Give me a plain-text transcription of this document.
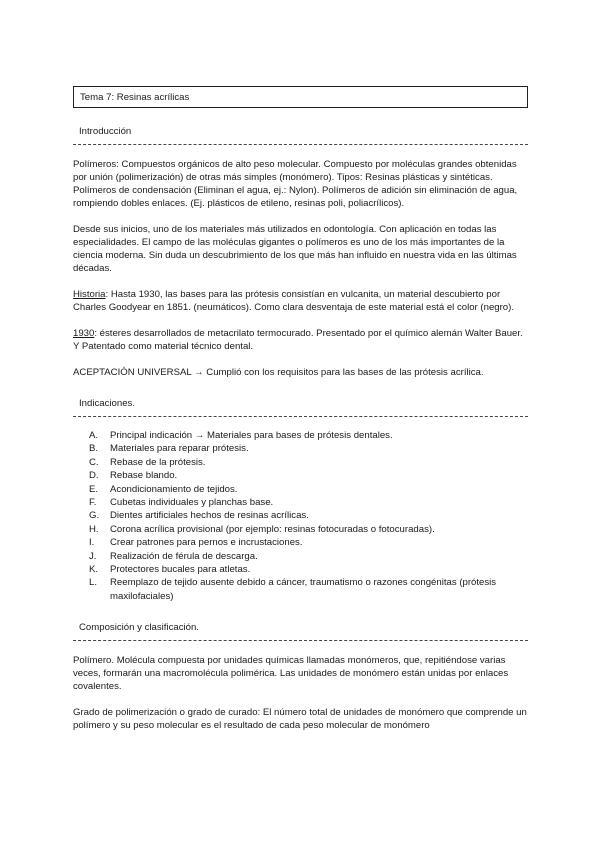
Tema 7: Resinas acrílicas
Introducción

Polímeros: Compuestos orgánicos de alto peso molecular. Compuesto por moléculas grandes obtenidas por unión (polimerización) de otras más simples (monómero). Tipos: Resinas plásticas y sintéticas. Polímeros de condensación (Eliminan el agua, ej.: Nylon). Polímeros de adición sin eliminación de agua, rompiendo dobles enlaces. (Ej. plásticos de etileno, resinas poli, poliacrílicos).

Desde sus inicios, uno de los materiales más utilizados en odontología. Con aplicación en todas las especialidades. El campo de las moléculas gigantes o polímeros es uno de los más importantes de la ciencia moderna. Sin duda un descubrimiento de los que más han influido en nuestra vida en las últimas décadas.

Historia: Hasta 1930, las bases para las prótesis consistían en vulcanita, un material descubierto por Charles Goodyear en 1851. (neumáticos). Como clara desventaja de este material está el color (negro).

1930: ésteres desarrollados de metacrilato termocurado. Presentado por el químico alemán Walter Bauer. Y Patentado como material técnico dental.

ACEPTACIÓN UNIVERSAL → Cumplió con los requisitos para las bases de las prótesis acrílica.

Indicaciones.
A.	Principal indicación → Materiales para bases de prótesis dentales.
B.	Materiales para reparar prótesis.
C.	Rebase de la prótesis.
D.	Rebase blando.
E.	Acondicionamiento de tejidos.
F.	Cubetas individuales y planchas base.
G.	Dientes artificiales hechos de resinas acrílicas.
H.	Corona acrílica provisional (por ejemplo: resinas fotocuradas o fotocuradas).
I.	Crear patrones para pernos e incrustaciones.
J.	Realización de férula de descarga.
K.	Protectores bucales para atletas.
L.	Reemplazo de tejido ausente debido a cáncer, traumatismo o razones congénitas (prótesis maxilofaciales)
Composición y clasificación.

Polímero. Molécula compuesta por unidades químicas llamadas monómeros, que, repitiéndose varias veces, formarán una macromolécula polimérica. Las unidades de monómero están unidas por enlaces covalentes.

Grado de polimerización o grado de curado: El número total de unidades de monómero que comprende un polímero y su peso molecular es el resultado de cada peso molecular de monómero
